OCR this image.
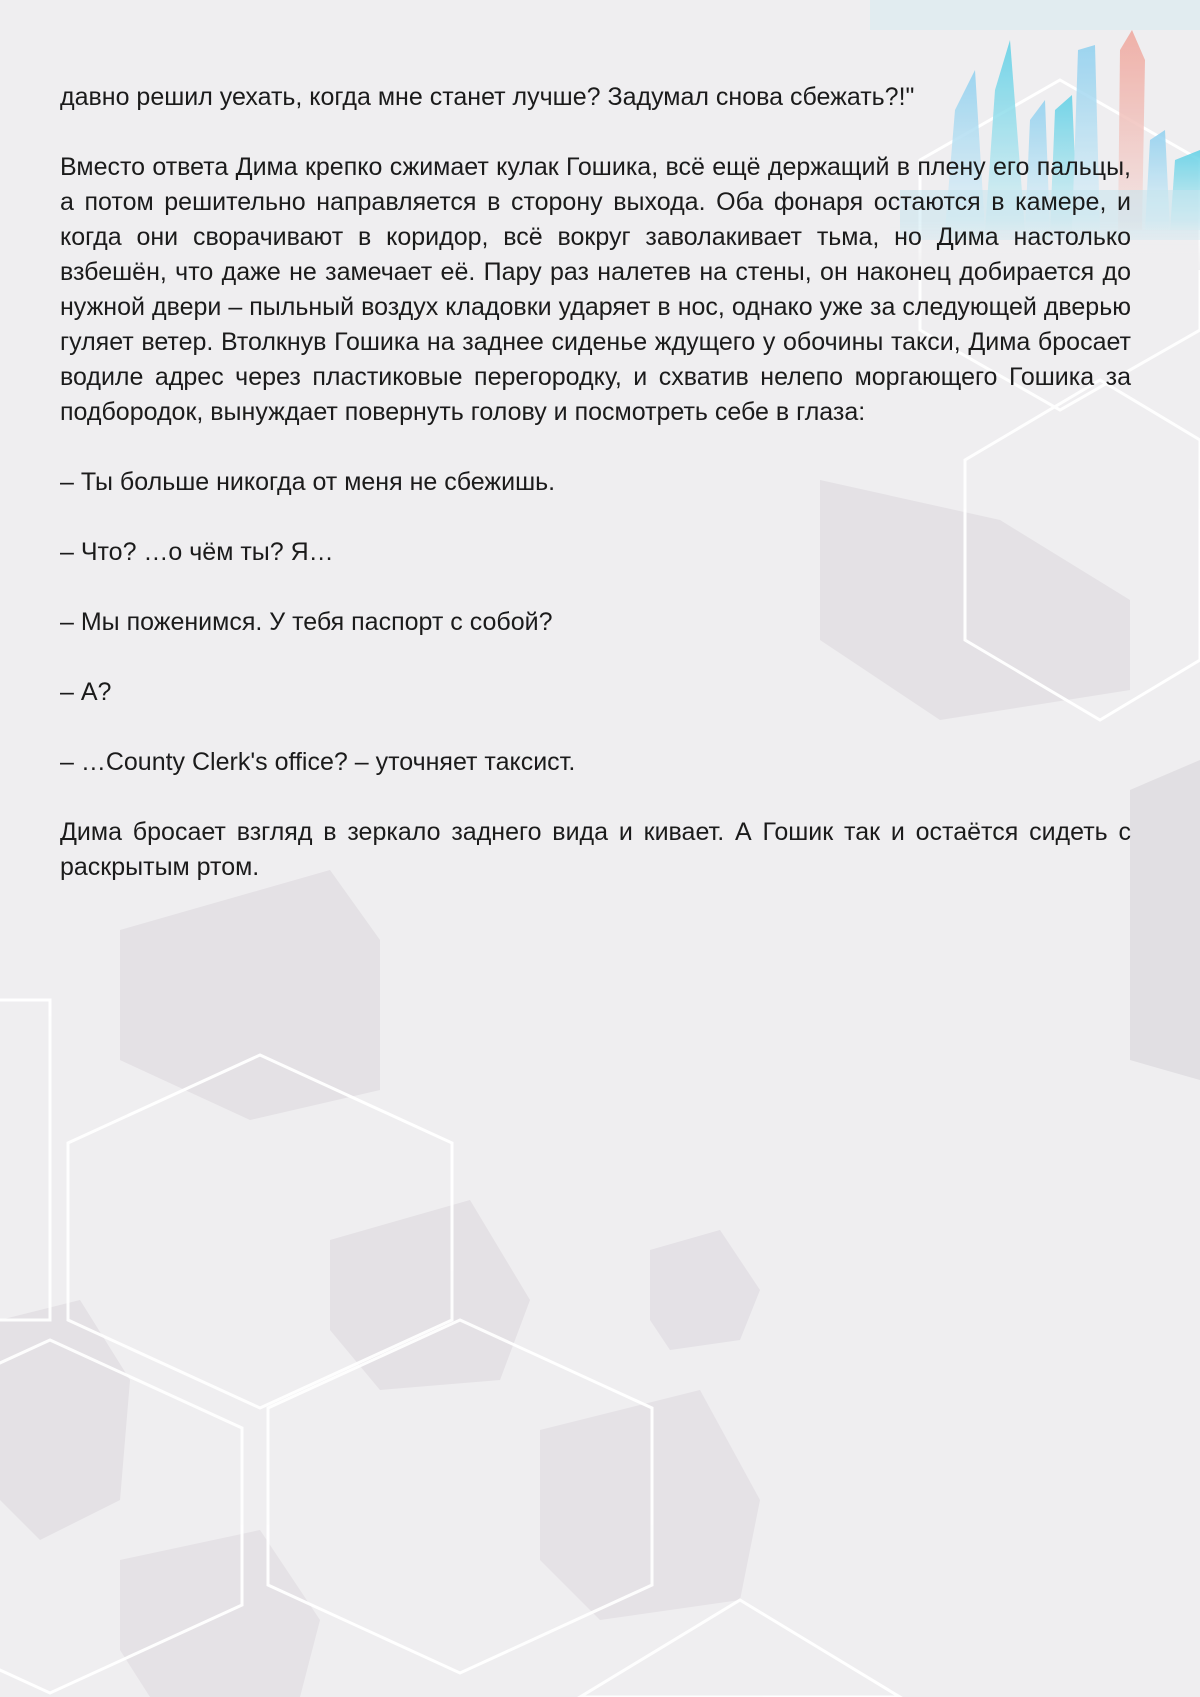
давно решил уехать, когда мне станет лучше? Задумал снова сбежать?!"

Вместо ответа Дима крепко сжимает кулак Гошика, всё ещё держащий в плену его пальцы, а потом решительно направляется в сторону выхода. Оба фонаря остаются в камере, и когда они сворачивают в коридор, всё вокруг заволакивает тьма, но Дима настолько взбешён, что даже не замечает её. Пару раз налетев на стены, он наконец добирается до нужной двери – пыльный воздух кладовки ударяет в нос, однако уже за следующей дверью гуляет ветер. Втолкнув Гошика на заднее сиденье ждущего у обочины такси, Дима бросает водиле адрес через пластиковые перегородку, и схватив нелепо моргающего Гошика за подбородок, вынуждает повернуть голову и посмотреть себе в глаза:

– Ты больше никогда от меня не сбежишь.

– Что? …о чём ты? Я…

– Мы поженимся. У тебя паспорт с собой?

– А?

– …County Clerk's office? – уточняет таксист.

Дима бросает взгляд в зеркало заднего вида и кивает. А Гошик так и остаётся сидеть с раскрытым ртом.
